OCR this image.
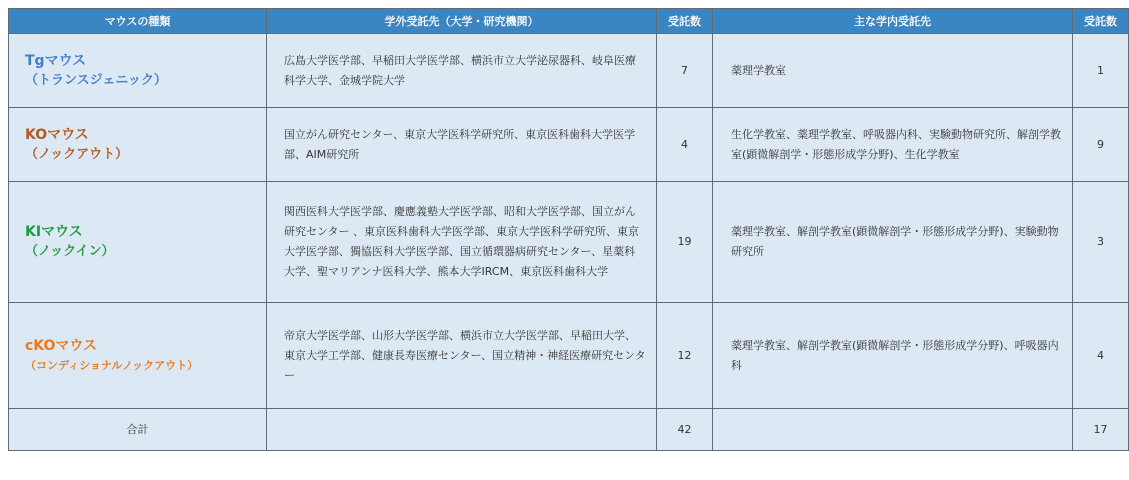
マウスの種類	学外受託先（大学・研究機関）	受託数	主な学内受託先	受託数

Tgマウス
（トランスジェニック）	広島大学医学部、早稲田大学医学部、横浜市立大学泌尿器科、岐阜医療科学大学、金城学院大学	7	薬理学教室	1

KOマウス
（ノックアウト）	国立がん研究センター、東京大学医科学研究所、東京医科歯科大学医学部、AIM研究所	4	生化学教室、薬理学教室、呼吸器内科、実験動物研究所、解剖学教室(顕微解剖学・形態形成学分野)、生化学教室	9

KIマウス
（ノックイン）	関西医科大学医学部、慶應義塾大学医学部、昭和大学医学部、国立がん研究センター 、東京医科歯科大学医学部、東京大学医科学研究所、東京大学医学部、獨協医科大学医学部、国立循環器病研究センター、星薬科大学、聖マリアンナ医科大学、熊本大学IRCM、東京医科歯科大学	19	薬理学教室、解剖学教室(顕微解剖学・形態形成学分野)、実験動物研究所	3

cKOマウス
（コンディショナルノックアウト）	帝京大学医学部、山形大学医学部、横浜市立大学医学部、早稲田大学、東京大学工学部、健康長寿医療センター、国立精神・神経医療研究センター	12	薬理学教室、解剖学教室(顕微解剖学・形態形成学分野)、呼吸器内科	4
合計		42		17
